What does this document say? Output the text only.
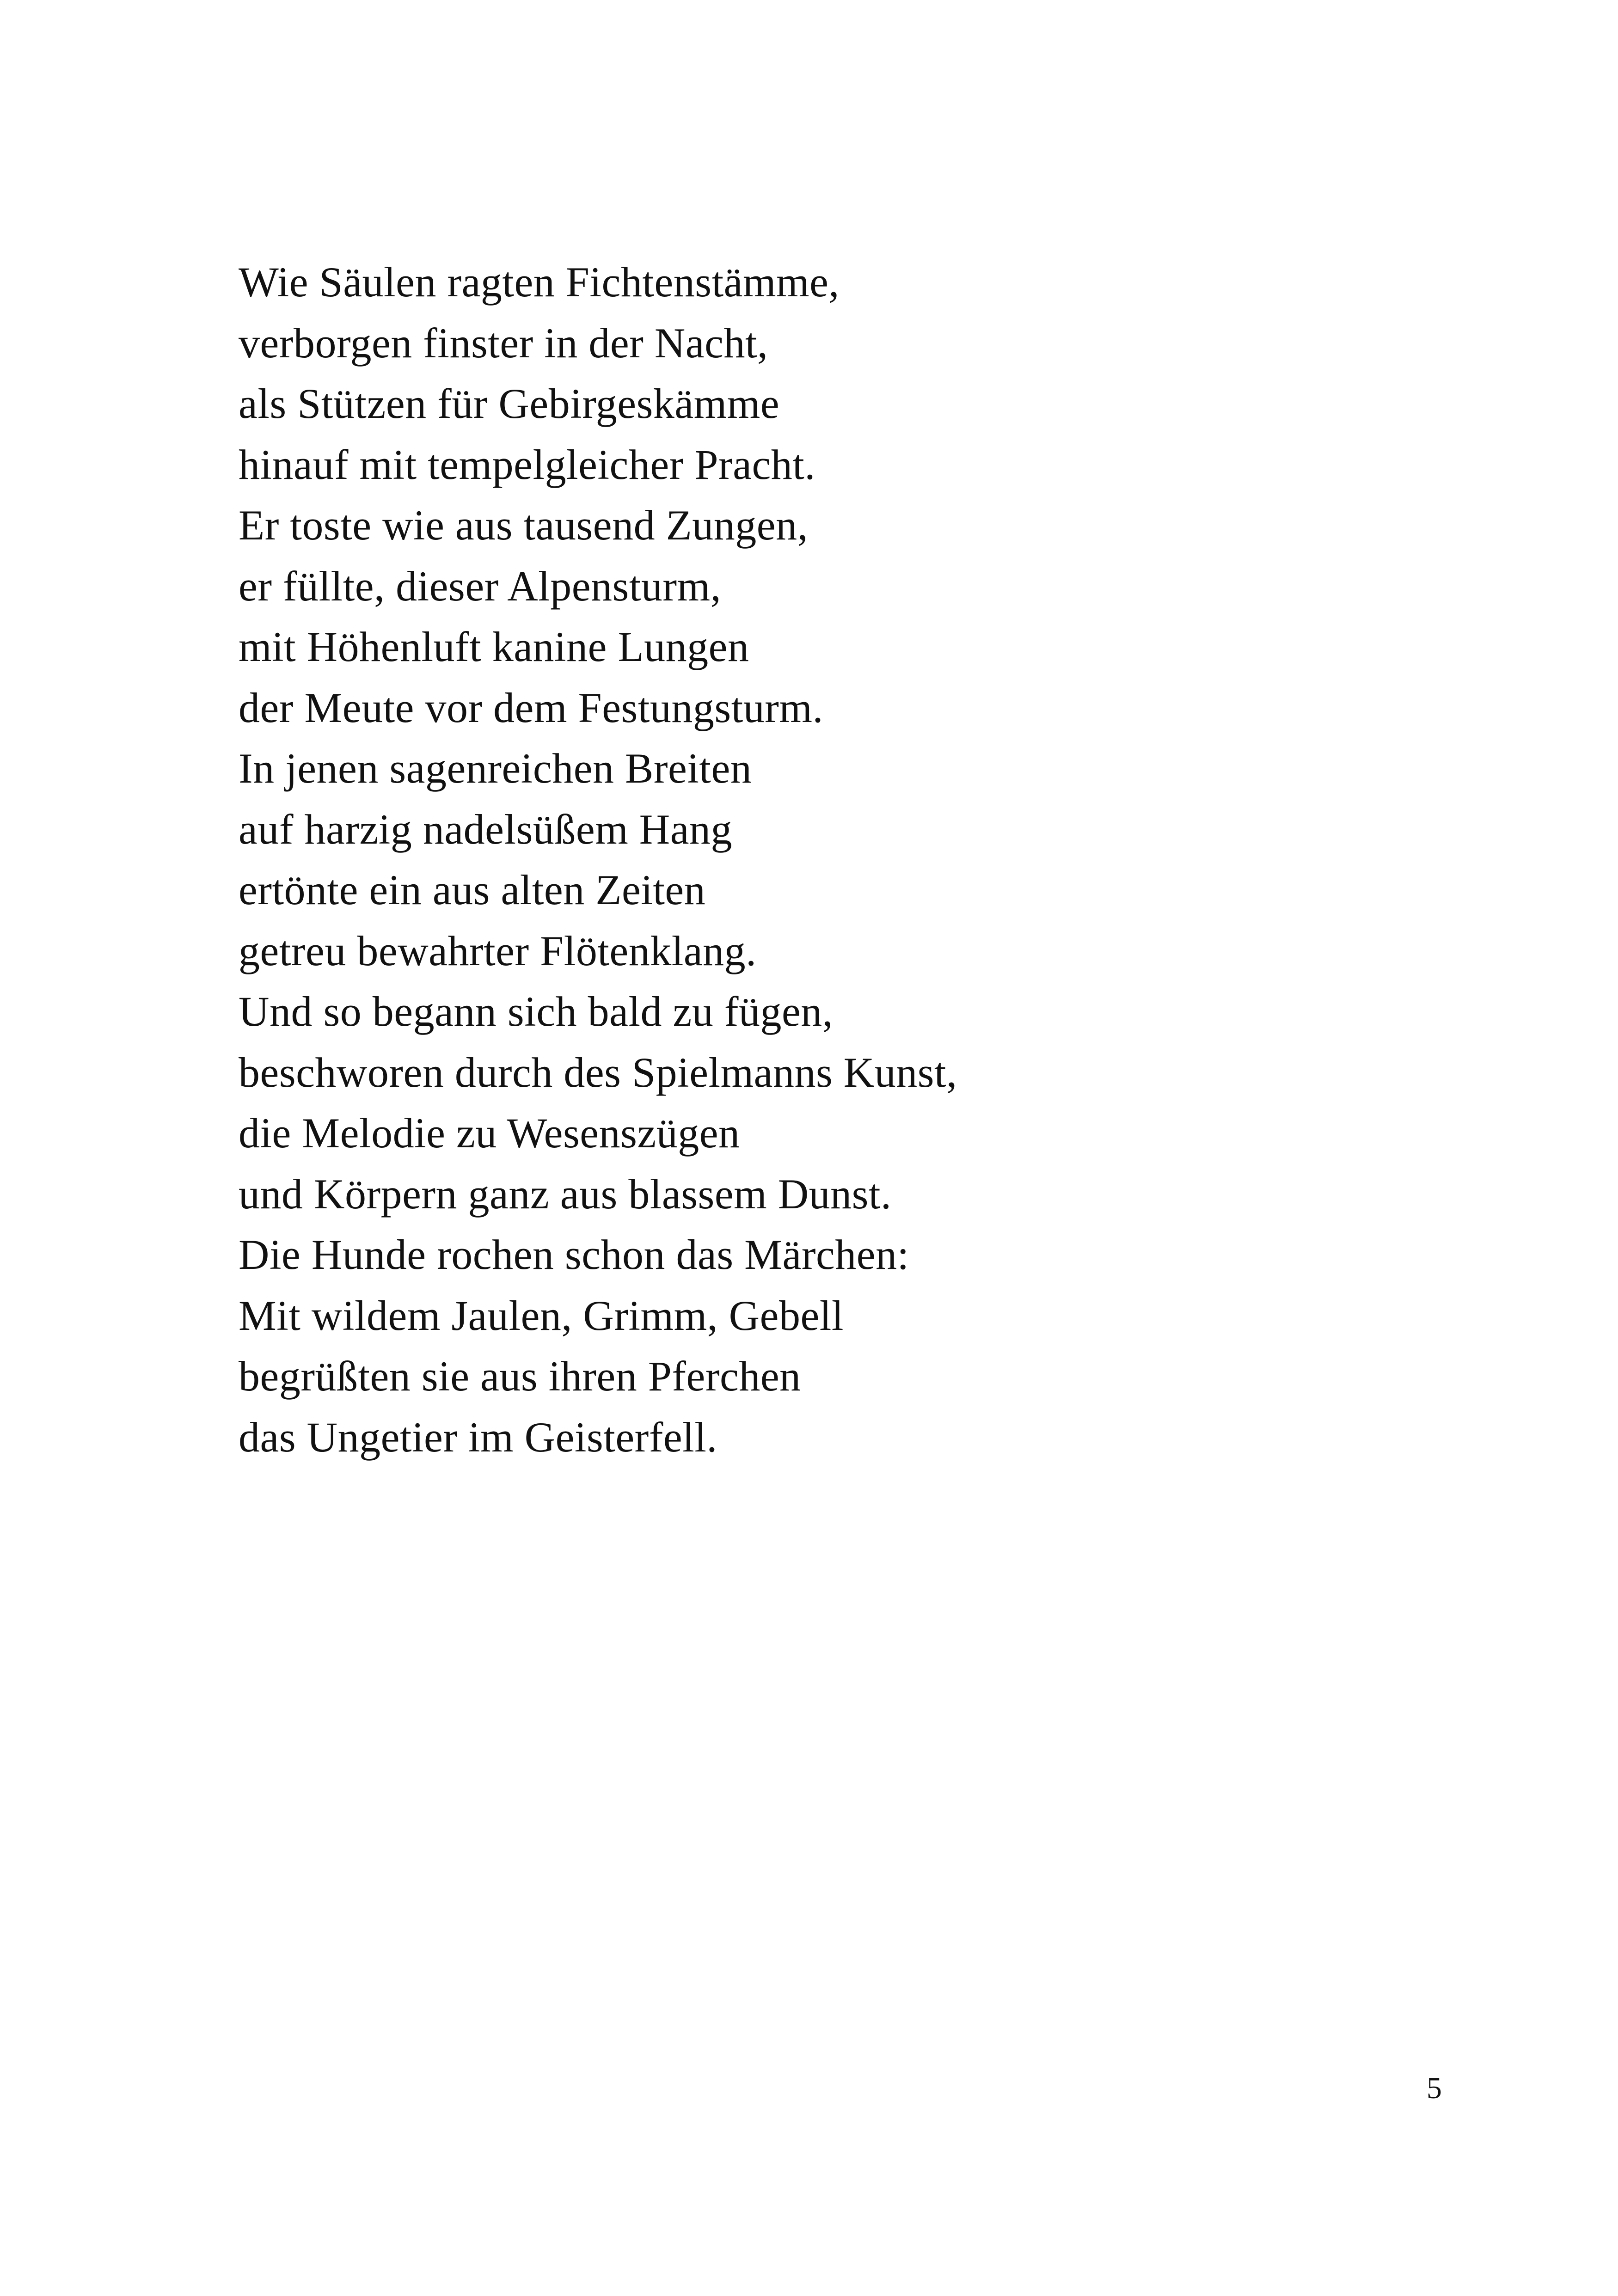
Wie Säulen ragten Fichtenstämme,
verborgen finster in der Nacht,
als Stützen für Gebirgeskämme
hinauf mit tempelgleicher Pracht.
Er toste wie aus tausend Zungen,
er füllte, dieser Alpensturm,
mit Höhenluft kanine Lungen
der Meute vor dem Festungsturm.
In jenen sagenreichen Breiten
auf harzig nadelsüßem Hang
ertönte ein aus alten Zeiten
getreu bewahrter Flötenklang.
Und so begann sich bald zu fügen,
beschworen durch des Spielmanns Kunst,
die Melodie zu Wesenszügen
und Körpern ganz aus blassem Dunst.
Die Hunde rochen schon das Märchen:
Mit wildem Jaulen, Grimm, Gebell
begrüßten sie aus ihren Pferchen
das Ungetier im Geisterfell.
5
